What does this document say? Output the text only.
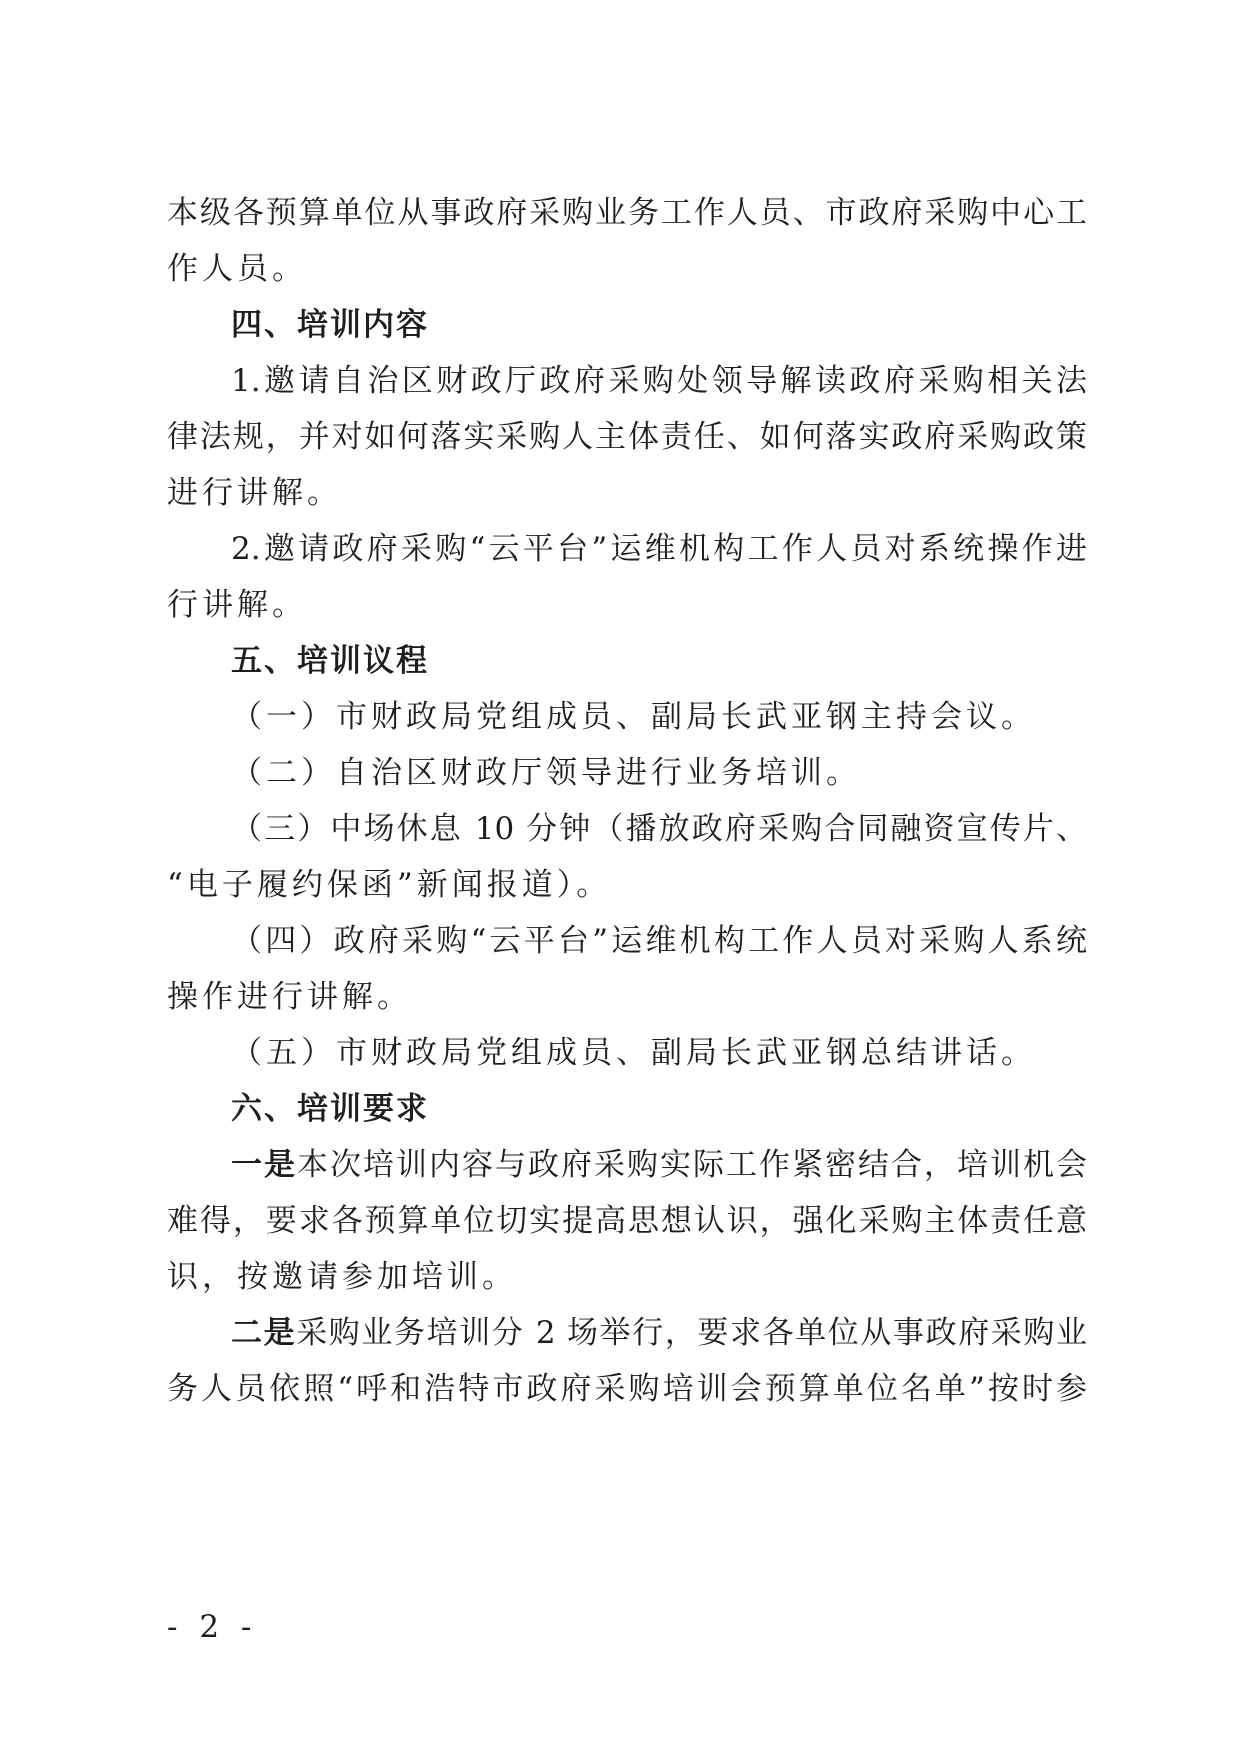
本级各预算单位从事政府采购业务工作人员、市政府采购中心工
作人员。
四、培训内容
1.邀请自治区财政厅政府采购处领导解读政府采购相关法
律法规，并对如何落实采购人主体责任、如何落实政府采购政策
进行讲解。
2.邀请政府采购“云平台”运维机构工作人员对系统操作进
行讲解。
五、培训议程
（一）市财政局党组成员、副局长武亚钢主持会议。
（二）自治区财政厅领导进行业务培训。
（三）中场休息 10 分钟（播放政府采购合同融资宣传片、
“电子履约保函”新闻报道）。
（四）政府采购“云平台”运维机构工作人员对采购人系统
操作进行讲解。
（五）市财政局党组成员、副局长武亚钢总结讲话。
六、培训要求
一是本次培训内容与政府采购实际工作紧密结合，培训机会
难得，要求各预算单位切实提高思想认识，强化采购主体责任意
识，按邀请参加培训。
二是采购业务培训分 2 场举行，要求各单位从事政府采购业
务人员依照“呼和浩特市政府采购培训会预算单位名单”按时参
- 2 -
